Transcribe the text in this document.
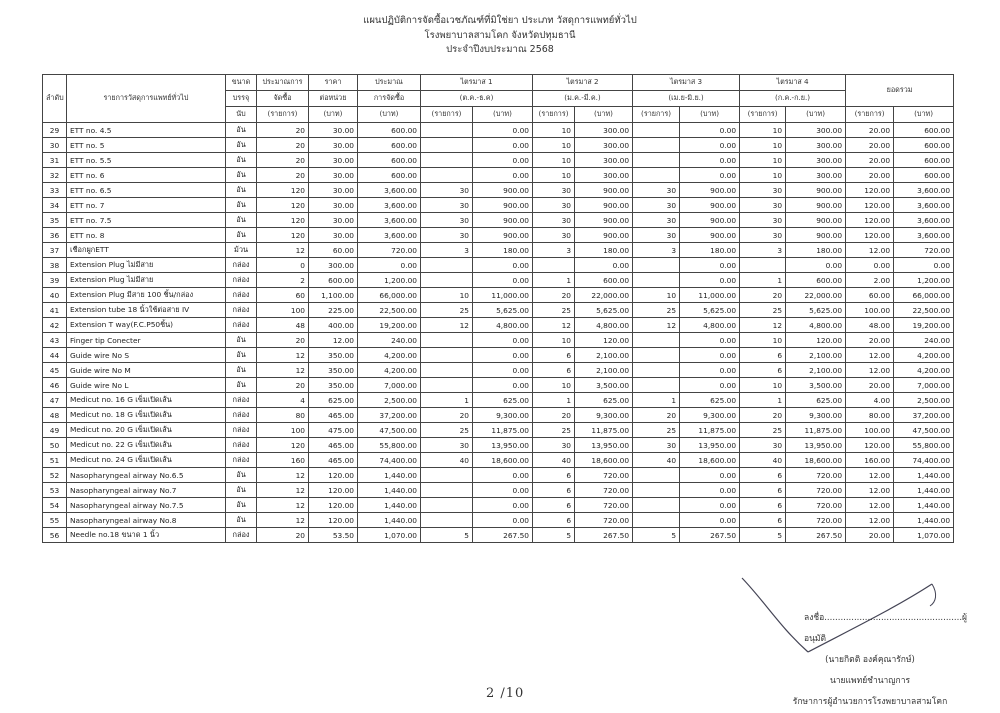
แผนปฏิบัติการจัดซื้อเวชภัณฑ์ที่มิใช่ยา ประเภท วัสดุการแพทย์ทั่วไป
โรงพยาบาลสามโคก จังหวัดปทุมธานี
ประจำปีงบประมาณ 2568
ลำดับ	รายการวัสดุการแพทย์ทั่วไป	ขนาด	ประมาณการ	ราคา	ประมาณ	ไตรมาส 1		ไตรมาส 2		ไตรมาส 3		ไตรมาส 4		ยอดรวม	
		บรรจุ	จัดซื้อ	ต่อหน่วย	การจัดซื้อ	(ต.ค.-ธ.ค)		(ม.ค.-มี.ค.)		(เม.ย-มิ.ย.)		(ก.ค.-ก.ย.)			
		นับ	(รายการ)	(บาท)	(บาท)	(รายการ)	(บาท)	(รายการ)	(บาท)	(รายการ)	(บาท)	(รายการ)	(บาท)	(รายการ)	(บาท)
29	ETT no. 4.5	อัน	20	30.00	600.00		0.00	10	300.00		0.00	10	300.00	20.00	600.00
30	ETT no. 5	อัน	20	30.00	600.00		0.00	10	300.00		0.00	10	300.00	20.00	600.00
31	ETT no. 5.5	อัน	20	30.00	600.00		0.00	10	300.00		0.00	10	300.00	20.00	600.00
32	ETT no. 6	อัน	20	30.00	600.00		0.00	10	300.00		0.00	10	300.00	20.00	600.00
33	ETT no. 6.5	อัน	120	30.00	3,600.00	30	900.00	30	900.00	30	900.00	30	900.00	120.00	3,600.00
34	ETT no. 7	อัน	120	30.00	3,600.00	30	900.00	30	900.00	30	900.00	30	900.00	120.00	3,600.00
35	ETT no. 7.5	อัน	120	30.00	3,600.00	30	900.00	30	900.00	30	900.00	30	900.00	120.00	3,600.00
36	ETT no. 8	อัน	120	30.00	3,600.00	30	900.00	30	900.00	30	900.00	30	900.00	120.00	3,600.00
37	เชือกผูกETT	ม้วน	12	60.00	720.00	3	180.00	3	180.00	3	180.00	3	180.00	12.00	720.00
38	Extension Plug ไม่มีสาย	กล่อง	0	300.00	0.00		0.00		0.00		0.00		0.00	0.00	0.00
39	Extension Plug ไม่มีสาย	กล่อง	2	600.00	1,200.00		0.00	1	600.00		0.00	1	600.00	2.00	1,200.00
40	Extension Plug มีสาย 100 ชิ้น/กล่อง	กล่อง	60	1,100.00	66,000.00	10	11,000.00	20	22,000.00	10	11,000.00	20	22,000.00	60.00	66,000.00
41	Extension tube 18 นิ้วใช้ต่อสาย IV	กล่อง	100	225.00	22,500.00	25	5,625.00	25	5,625.00	25	5,625.00	25	5,625.00	100.00	22,500.00
42	Extension T way(F.C.P50ชิ้น)	กล่อง	48	400.00	19,200.00	12	4,800.00	12	4,800.00	12	4,800.00	12	4,800.00	48.00	19,200.00
43	Finger tip Conecter	อัน	20	12.00	240.00		0.00	10	120.00		0.00	10	120.00	20.00	240.00
44	Guide wire No S	อัน	12	350.00	4,200.00		0.00	6	2,100.00		0.00	6	2,100.00	12.00	4,200.00
45	Guide wire No M	อัน	12	350.00	4,200.00		0.00	6	2,100.00		0.00	6	2,100.00	12.00	4,200.00
46	Guide wire No L	อัน	20	350.00	7,000.00		0.00	10	3,500.00		0.00	10	3,500.00	20.00	7,000.00
47	Medicut no. 16 G เข็มเปิดเส้น	กล่อง	4	625.00	2,500.00	1	625.00	1	625.00	1	625.00	1	625.00	4.00	2,500.00
48	Medicut no. 18 G เข็มเปิดเส้น	กล่อง	80	465.00	37,200.00	20	9,300.00	20	9,300.00	20	9,300.00	20	9,300.00	80.00	37,200.00
49	Medicut no. 20 G เข็มเปิดเส้น	กล่อง	100	475.00	47,500.00	25	11,875.00	25	11,875.00	25	11,875.00	25	11,875.00	100.00	47,500.00
50	Medicut no. 22 G เข็มเปิดเส้น	กล่อง	120	465.00	55,800.00	30	13,950.00	30	13,950.00	30	13,950.00	30	13,950.00	120.00	55,800.00
51	Medicut no. 24 G เข็มเปิดเส้น	กล่อง	160	465.00	74,400.00	40	18,600.00	40	18,600.00	40	18,600.00	40	18,600.00	160.00	74,400.00
52	Nasopharyngeal airway No.6.5	อัน	12	120.00	1,440.00		0.00	6	720.00		0.00	6	720.00	12.00	1,440.00
53	Nasopharyngeal airway No.7	อัน	12	120.00	1,440.00		0.00	6	720.00		0.00	6	720.00	12.00	1,440.00
54	Nasopharyngeal airway No.7.5	อัน	12	120.00	1,440.00		0.00	6	720.00		0.00	6	720.00	12.00	1,440.00
55	Nasopharyngeal airway No.8	อัน	12	120.00	1,440.00		0.00	6	720.00		0.00	6	720.00	12.00	1,440.00
56	Needle no.18 ขนาด 1 นิ้ว	กล่อง	20	53.50	1,070.00	5	267.50	5	267.50	5	267.50	5	267.50	20.00	1,070.00
ลงชื่อ...................................................ผู้อนุมัติ
(นายกิตติ องค์คุณารักษ์)
นายแพทย์ชำนาญการ
รักษาการผู้อำนวยการโรงพยาบาลสามโคก
2 /10
